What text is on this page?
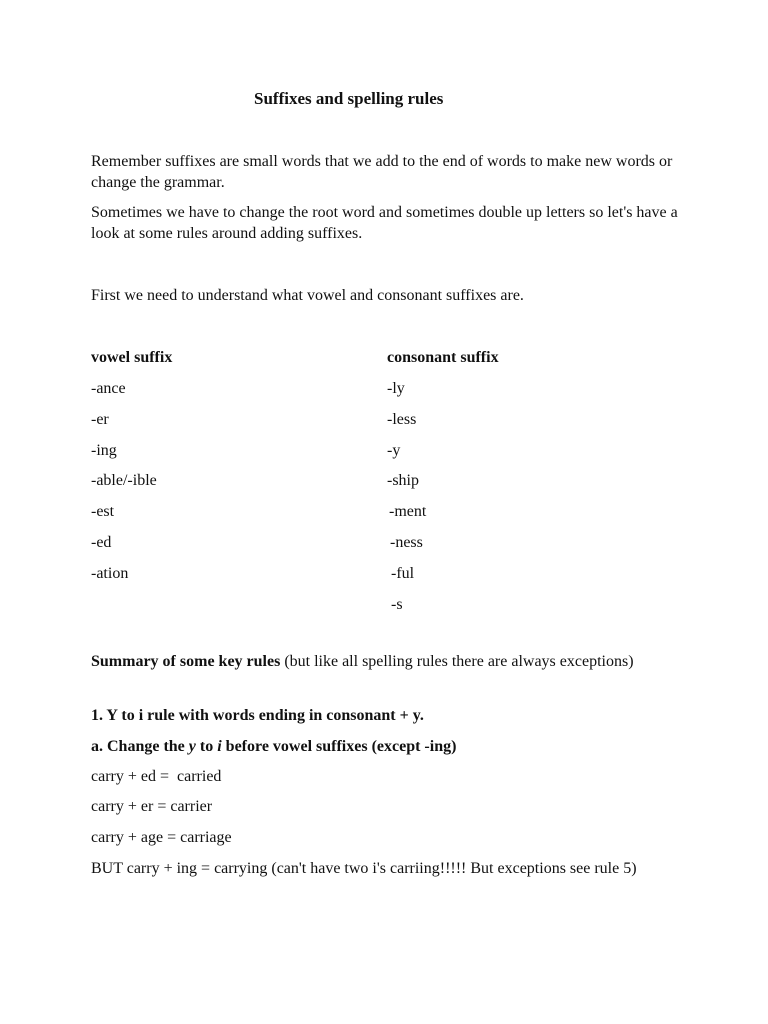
Suffixes and spelling rules
Remember suffixes are small words that we add to the end of words to make new words or change the grammar.
Sometimes we have to change the root word and sometimes double up letters so let's have a look at some rules around adding suffixes.
First we need to understand what vowel and consonant suffixes are.
vowel suffix	consonant suffix
-ance
-er
-ing
-able/-ible
-est
-ed
-ation
-ly
-less
-y
-ship
-ment
-ness
-ful
-s
Summary of some key rules (but like all spelling rules there are always exceptions)
1. Y to i rule with words ending in consonant + y.
a. Change the y to i before vowel suffixes (except -ing)
carry + ed =  carried
carry + er = carrier
carry + age = carriage
BUT carry + ing = carrying (can't have two i's carriing!!!!! But exceptions see rule 5)
